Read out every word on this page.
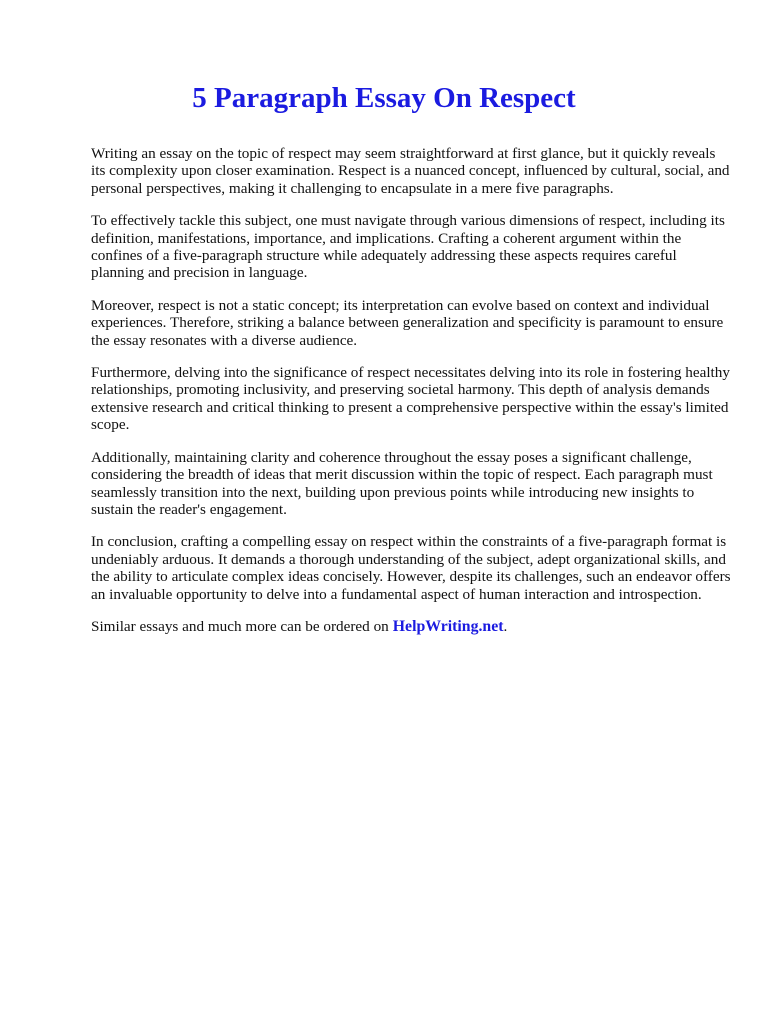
5 Paragraph Essay On Respect

Writing an essay on the topic of respect may seem straightforward at first glance, but it quickly reveals its complexity upon closer examination. Respect is a nuanced concept, influenced by cultural, social, and personal perspectives, making it challenging to encapsulate in a mere five paragraphs.

To effectively tackle this subject, one must navigate through various dimensions of respect, including its definition, manifestations, importance, and implications. Crafting a coherent argument within the confines of a five-paragraph structure while adequately addressing these aspects requires careful planning and precision in language.

Moreover, respect is not a static concept; its interpretation can evolve based on context and individual experiences. Therefore, striking a balance between generalization and specificity is paramount to ensure the essay resonates with a diverse audience.

Furthermore, delving into the significance of respect necessitates delving into its role in fostering healthy relationships, promoting inclusivity, and preserving societal harmony. This depth of analysis demands extensive research and critical thinking to present a comprehensive perspective within the essay's limited scope.

Additionally, maintaining clarity and coherence throughout the essay poses a significant challenge, considering the breadth of ideas that merit discussion within the topic of respect. Each paragraph must seamlessly transition into the next, building upon previous points while introducing new insights to sustain the reader's engagement.

In conclusion, crafting a compelling essay on respect within the constraints of a five-paragraph format is undeniably arduous. It demands a thorough understanding of the subject, adept organizational skills, and the ability to articulate complex ideas concisely. However, despite its challenges, such an endeavor offers an invaluable opportunity to delve into a fundamental aspect of human interaction and introspection.

Similar essays and much more can be ordered on HelpWriting.net.
